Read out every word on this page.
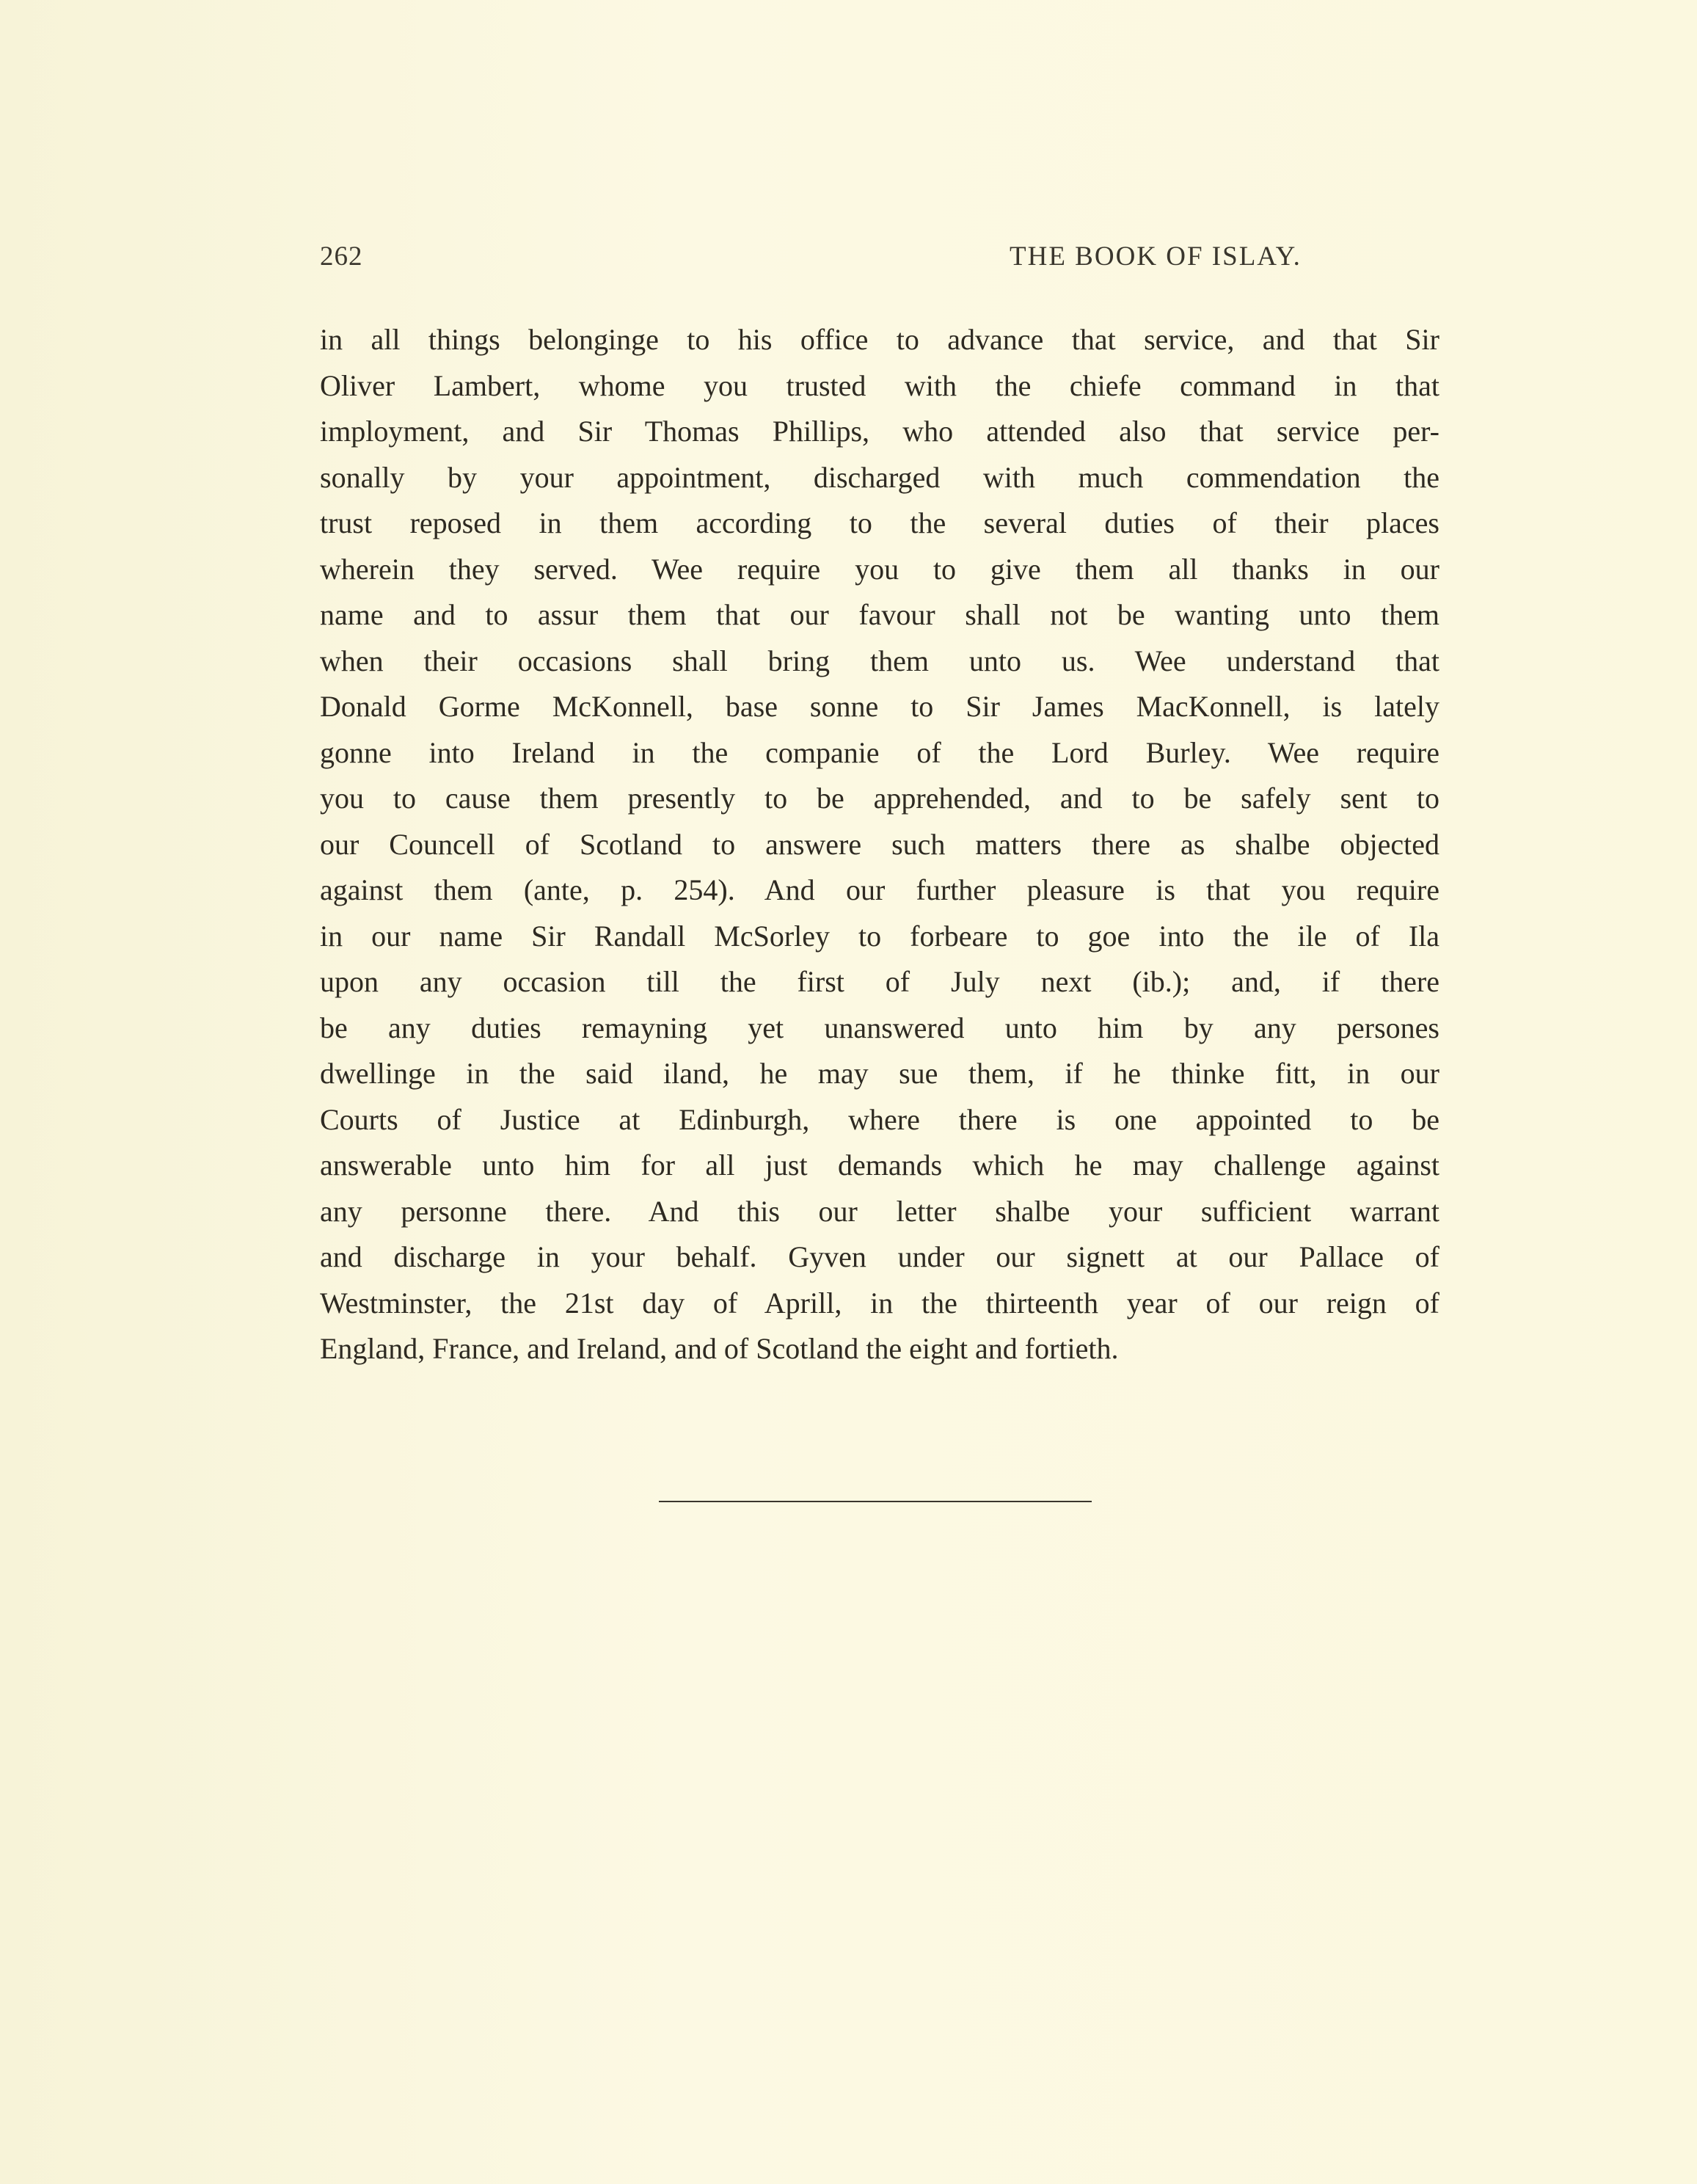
262	THE BOOK OF ISLAY.
in all things belonginge to his office to advance that service, and that Sir
Oliver Lambert, whome you trusted with the chiefe command in that
imployment, and Sir Thomas Phillips, who attended also that service per-
sonally by your appointment, discharged with much commendation the
trust reposed in them according to the several duties of their places
wherein they served. Wee require you to give them all thanks in our
name and to assur them that our favour shall not be wanting unto them
when their occasions shall bring them unto us. Wee understand that
Donald Gorme McKonnell, base sonne to Sir James MacKonnell, is lately
gonne into Ireland in the companie of the Lord Burley. Wee require
you to cause them presently to be apprehended, and to be safely sent to
our Councell of Scotland to answere such matters there as shalbe objected
against them (ante, p. 254). And our further pleasure is that you require
in our name Sir Randall McSorley to forbeare to goe into the ile of Ila
upon any occasion till the first of July next (ib.); and, if there
be any duties remayning yet unanswered unto him by any persones
dwellinge in the said iland, he may sue them, if he thinke fitt, in our
Courts of Justice at Edinburgh, where there is one appointed to be
answerable unto him for all just demands which he may challenge against
any personne there. And this our letter shalbe your sufficient warrant
and discharge in your behalf. Gyven under our signett at our Pallace of
Westminster, the 21st day of Aprill, in the thirteenth year of our reign of
England, France, and Ireland, and of Scotland the eight and fortieth.
